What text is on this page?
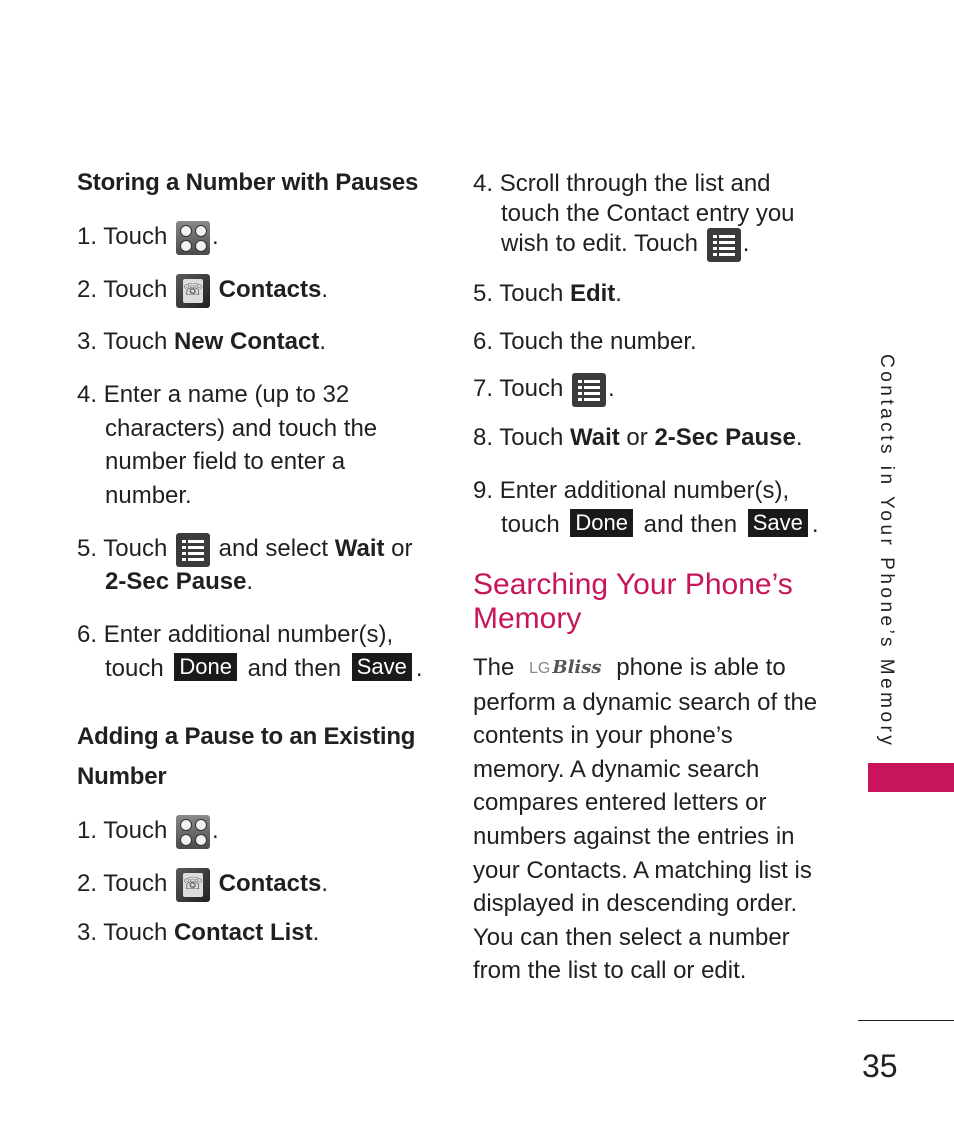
Storing a Number with Pauses
1. Touch .
2. Touch ☏ Contacts.
3. Touch New Contact.
4. Enter a name (up to 32
characters) and touch the
number field to enter a
number.
5. Touch and select Wait or
2-Sec Pause.
6. Enter additional number(s),
touch Done and then Save .
Adding a Pause to an Existing
Number
1. Touch .
2. Touch ☏ Contacts.
3. Touch Contact List.
4. Scroll through the list and
touch the Contact entry you
wish to edit. Touch .
5. Touch Edit.
6. Touch the number.
7. Touch .
8. Touch Wait or 2-Sec Pause.
9. Enter additional number(s),
touch Done and then Save .
Searching Your Phone’s
Memory
The LG Bliss phone is able to
perform a dynamic search of the
contents in your phone’s
memory. A dynamic search
compares entered letters or
numbers against the entries in
your Contacts. A matching list is
displayed in descending order.
You can then select a number
from the list to call or edit.
Contacts in Your Phone’s Memory
35
